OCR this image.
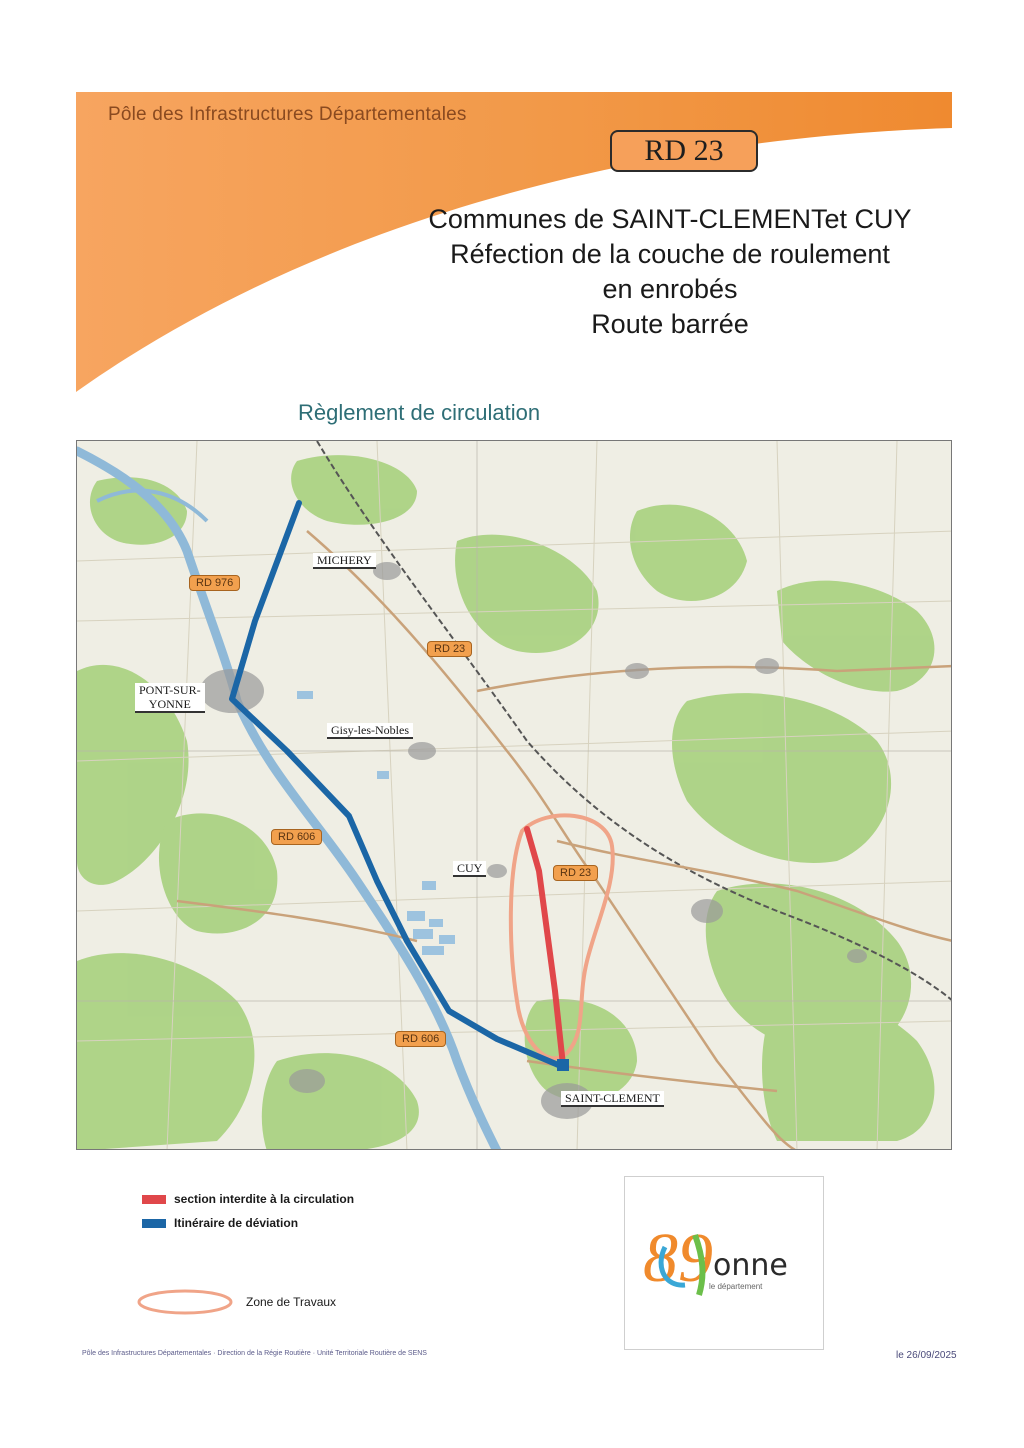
Pôle des Infrastructures Départementales
RD 23
Communes de SAINT-CLEMENTet CUY
Réfection de la couche de roulement
en enrobés
Route barrée
Règlement de circulation
MICHERY
PONT-SUR-
YONNE
Gisy-les-Nobles
CUY
SAINT-CLEMENT
RD 976
RD 23
RD 606
RD 23
RD 606
section interdite à la circulation
Itinéraire de déviation
Zone de Travaux
89 onne
le département
Pôle des Infrastructures Départementales · Direction de la Régie Routière · Unité Territoriale Routière de SENS	le 26/09/2025
